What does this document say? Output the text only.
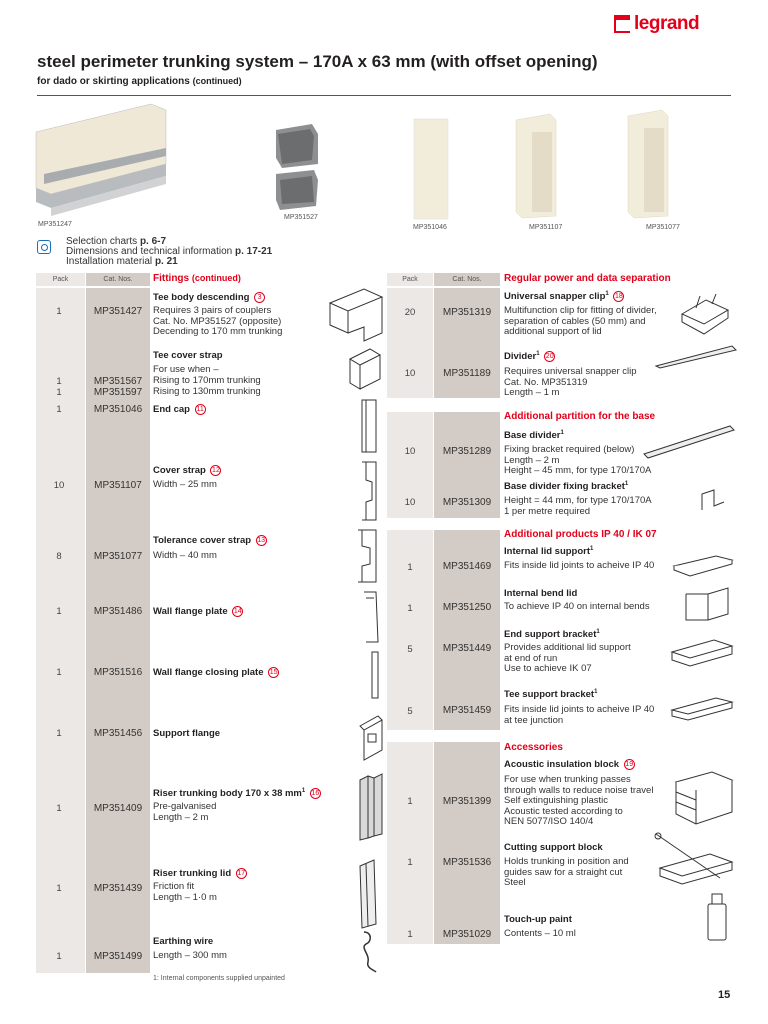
legrand
steel perimeter trunking system – 170A x 63 mm (with offset opening)
for dado or skirting applications (continued)
MP351247
MP351527
MP351046	MP351107	MP351077
Selection charts p. 6-7
Dimensions and technical information p. 17-21
Installation material p. 21
Pack	Cat. Nos.	Fittings (continued)
Tee body descending 3
1	MP351427	Requires 3 pairs of couplers
Cat. No. MP351527 (opposite)
Decending to 170 mm trunking
Tee cover strap
For use when –
1	MP351567	Rising to 170mm trunking
1	MP351597	Rising to 130mm trunking
1	MP351046	End cap 11
Cover strap 12
10	MP351107	Width – 25 mm
Tolerance cover strap 13
8	MP351077	Width – 40 mm
1	MP351486	Wall flange plate 14
1	MP351516	Wall flange closing plate 15
1	MP351456	Support flange
Riser trunking body 170 x 38 $mm^1$ 16
1	MP351409	Pre-galvanised
Length – 2 m
Riser trunking lid 17
1	MP351439	Friction fit
Length – 1·0 m
Earthing wire
1	MP351499	Length – 300 mm
Pack	Cat. Nos.	Regular power and data separation
Universal snapper clip$^1$ 18
20	MP351319	Multifunction clip for fitting of divider,
separation of cables (50 mm) and
additional support of lid
Divider$^1$ 20
10	MP351189	Requires universal snapper clip
Cat. No. MP351319
Length – 1 m
Additional partition for the base
Base divider$^1$
10	MP351289	Fixing bracket required (below)
Length – 2 m
Height – 45 mm, for type 170/170A
Base divider fixing bracket$^1$
10	MP351309	Height = 44 mm, for type 170/170A
1 per metre required
Additional products IP 40 / IK 07
Internal lid support$^1$
1	MP351469	Fits inside lid joints to acheive IP 40
Internal bend lid
1	MP351250	To achieve IP 40 on internal bends
End support bracket$^1$
5	MP351449	Provides additional lid support
at end of run
Use to achieve IK 07
Tee support bracket$^1$
5	MP351459	Fits inside lid joints to acheive IP 40
at tee junction
Accessories
Acoustic insulation block 19
1	MP351399
For use when trunking passes
through walls to reduce noise travel
Self extinguishing plastic
Acoustic tested according to
NEN 5077/ISO 140/4
Cutting support block
1	MP351536	Holds trunking in position and
guides saw for a straight cut
Steel
Touch-up paint
1	MP351029	Contents – 10 ml
1: Internal components supplied unpainted
15
